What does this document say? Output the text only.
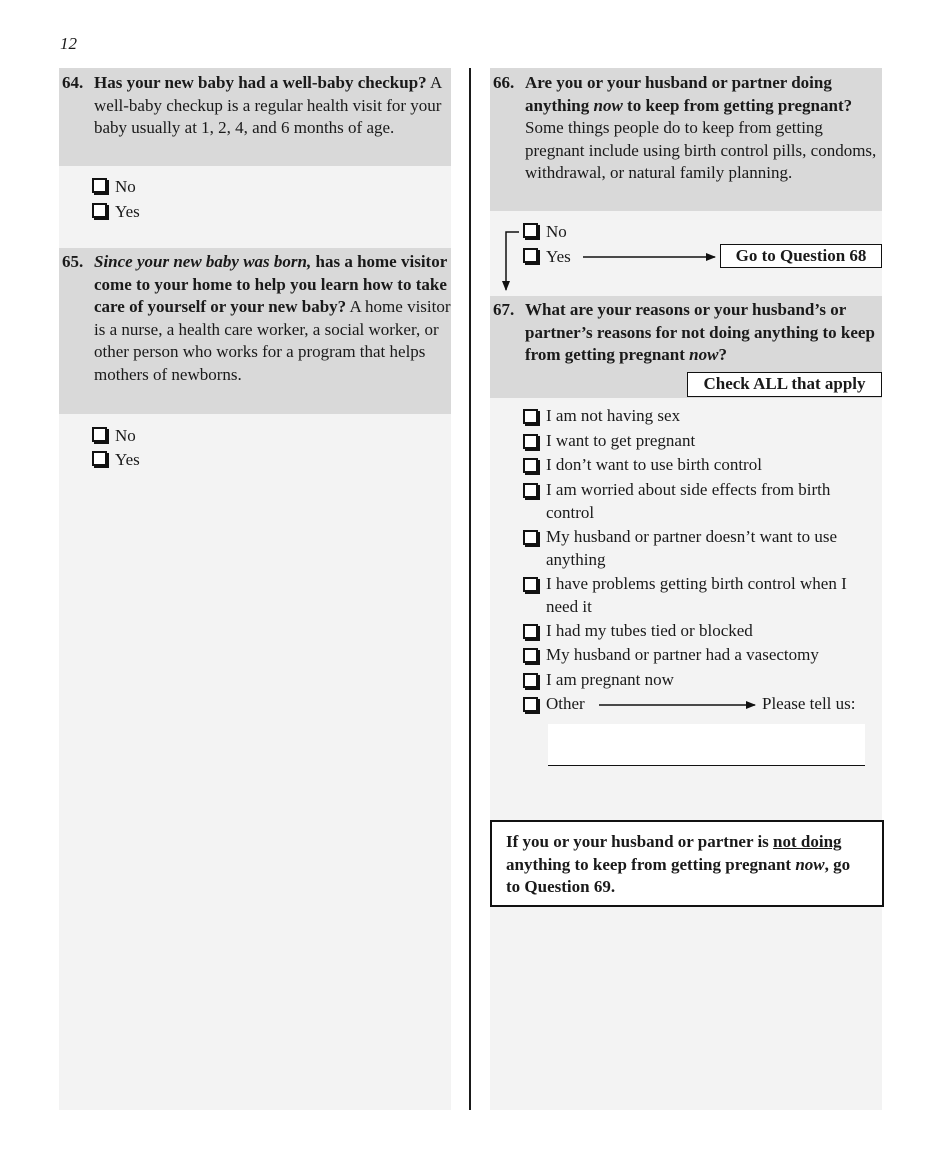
12
64. Has your new baby had a well-baby checkup? A well-baby checkup is a regular health visit for your baby usually at 1, 2, 4, and 6 months of age.
No
Yes
65. Since your new baby was born, has a home visitor come to your home to help you learn how to take care of yourself or your new baby? A home visitor is a nurse, a health care worker, a social worker, or other person who works for a program that helps mothers of newborns.
No
Yes
66. Are you or your husband or partner doing anything now to keep from getting pregnant? Some things people do to keep from getting pregnant include using birth control pills, condoms, withdrawal, or natural family planning.
No
Yes	Go to Question 68
67. What are your reasons or your husband’s or partner’s reasons for not doing anything to keep from getting pregnant now?
Check ALL that apply
I am not having sex
I want to get pregnant
I don’t want to use birth control
I am worried about side effects from birth control
My husband or partner doesn’t want to use anything
I have problems getting birth control when I need it
I had my tubes tied or blocked
My husband or partner had a vasectomy
I am pregnant now
Other	Please tell us:
If you or your husband or partner is not doing anything to keep from getting pregnant now, go to Question 69.
